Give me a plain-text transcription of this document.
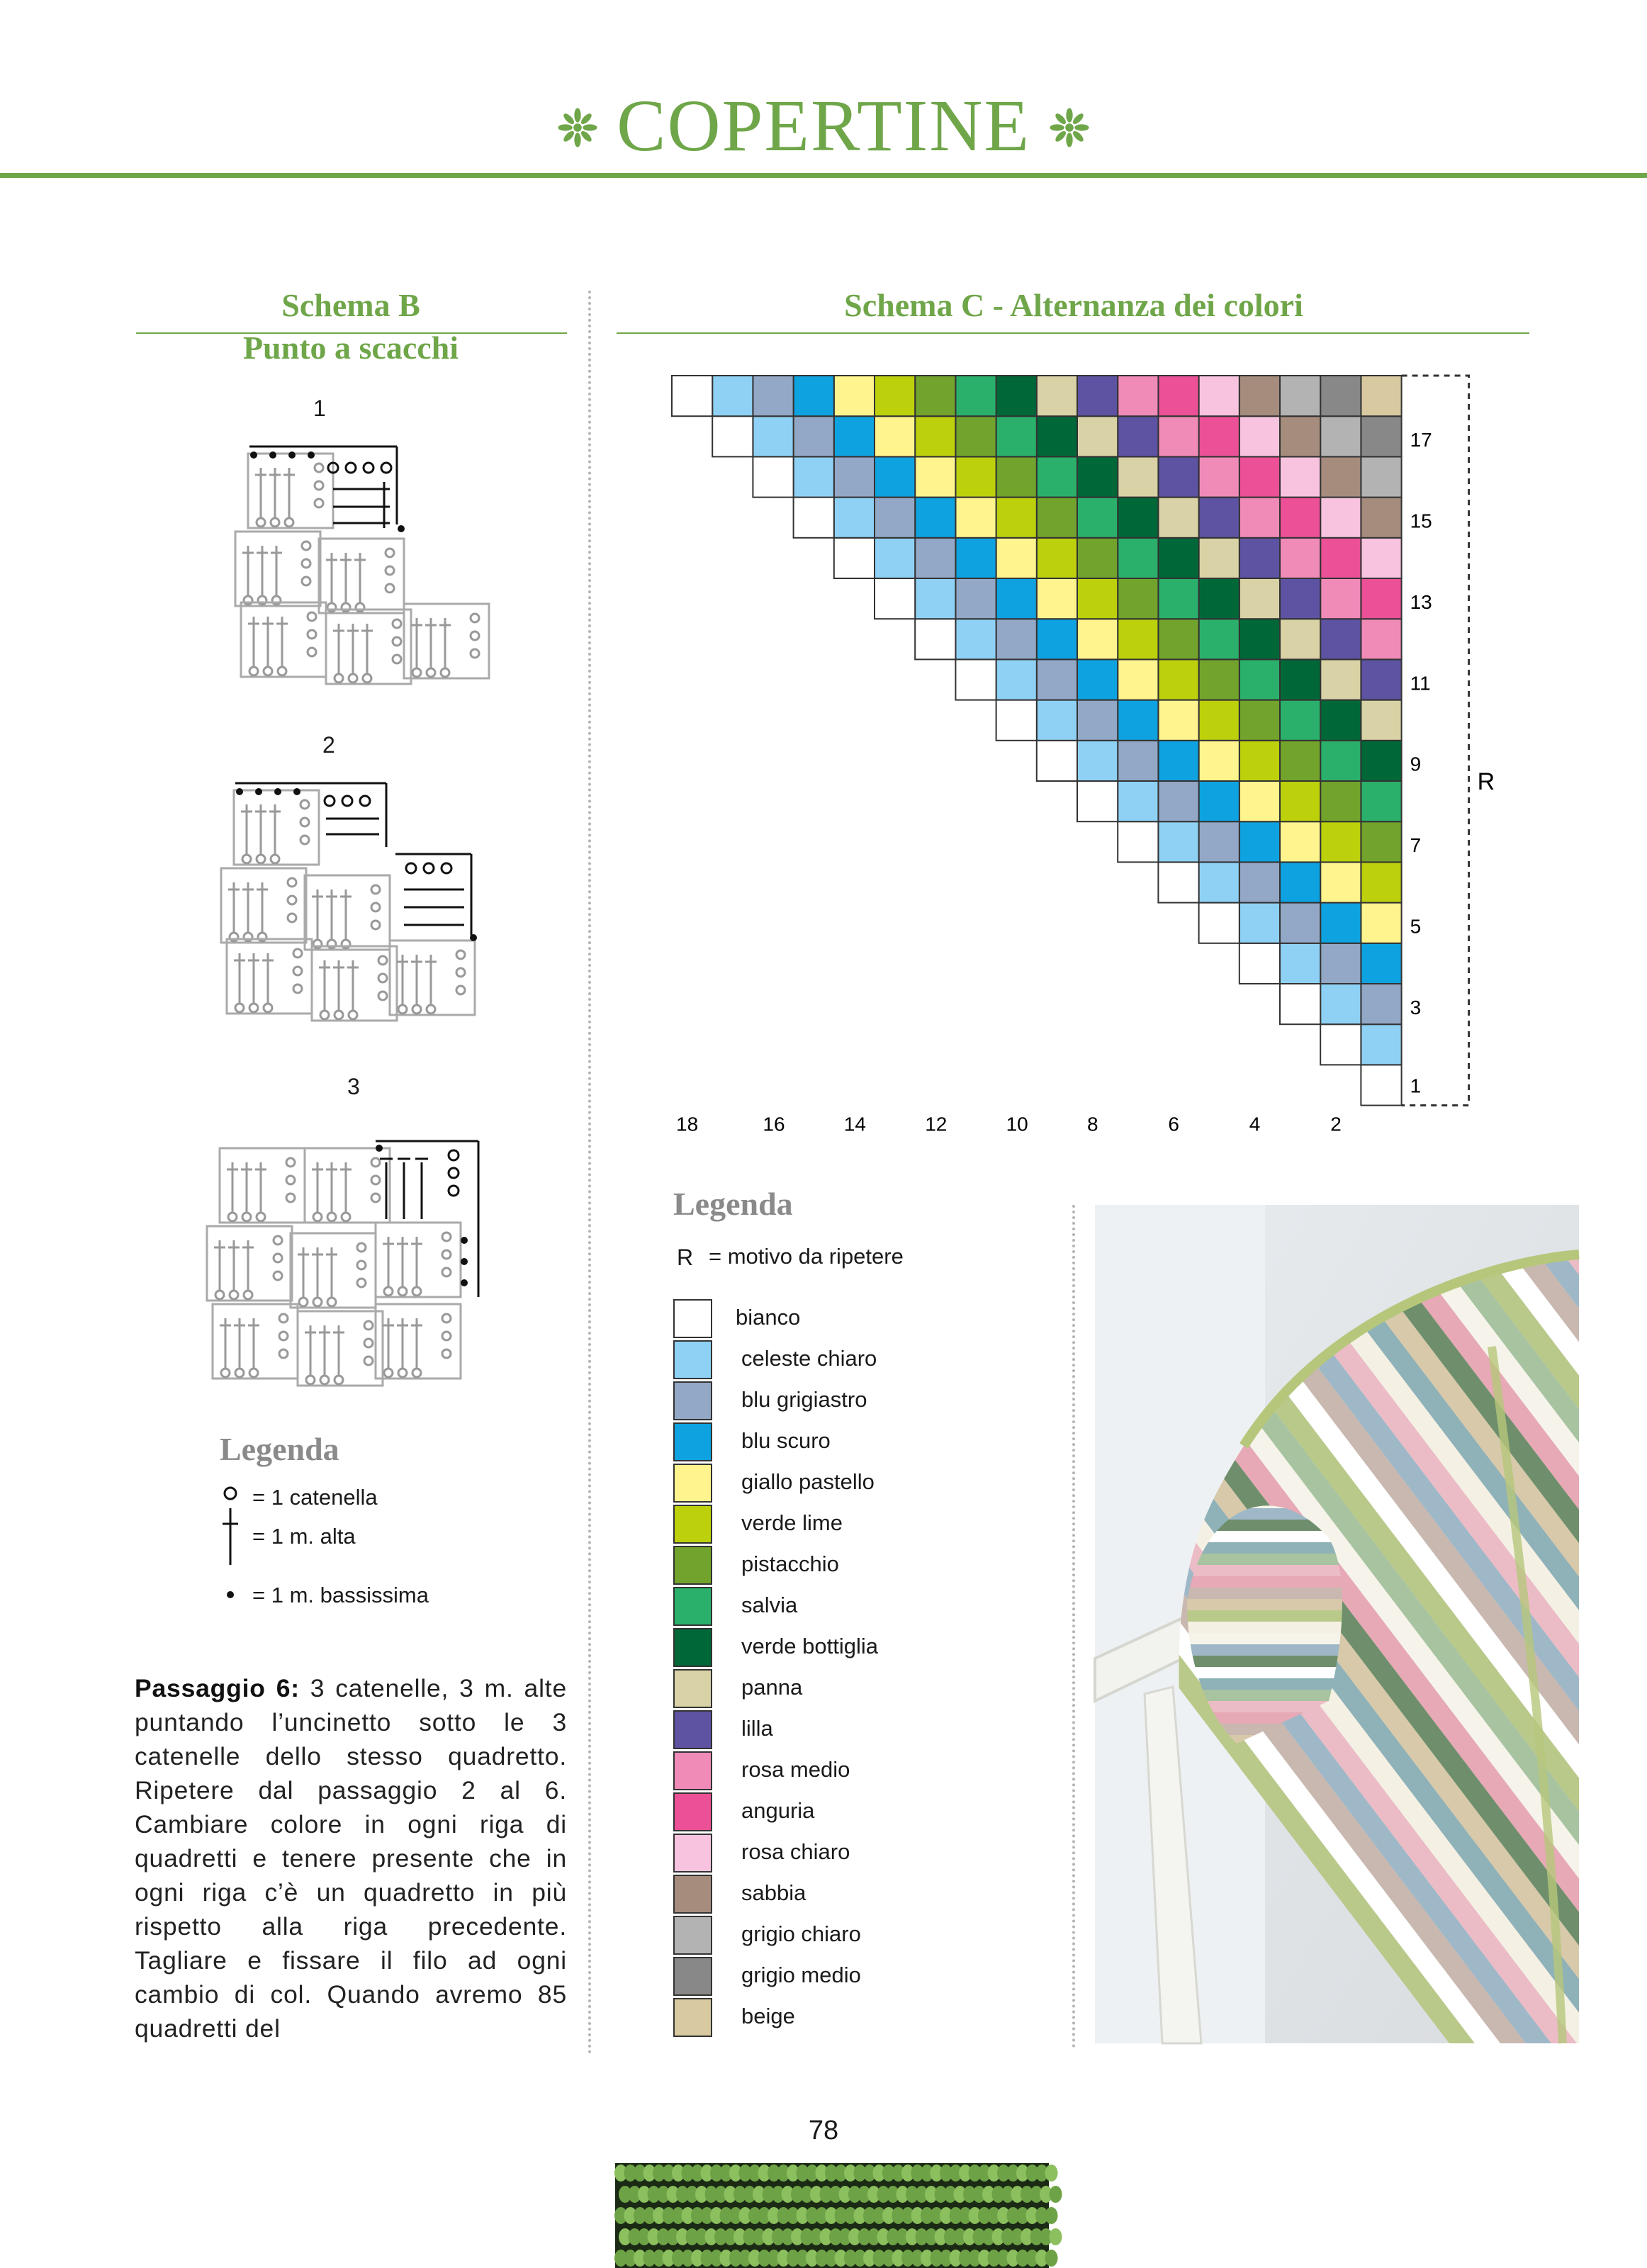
COPERTINE
Schema B
Punto a scacchi
Schema C - Alternanza dei colori
1
2
3
Legenda
= 1 catenella
= 1 m. alta
= 1 m. bassissima
Passaggio 6: 3 catenelle, 3 m. alte puntando l’uncinetto sotto le 3 catenelle dello stesso quadretto. Ripetere dal passaggio 2 al 6. Cambiare colore in ogni riga di quadretti e tenere presente che in ogni riga c’è un quadretto in più rispetto alla riga precedente. Tagliare e fissare il filo ad ogni cambio di col. Quando avremo 85 quadretti del
18	16	14	12	10	8	6	4	2
17
15
13
11
9
7
5
3
1
R
Legenda
R = motivo da ripetere
bianco
celeste chiaro
blu grigiastro
blu scuro
giallo pastello
verde lime
pistacchio
salvia
verde bottiglia
panna
lilla
rosa medio
anguria
rosa chiaro
sabbia
grigio chiaro
grigio medio
beige
78
